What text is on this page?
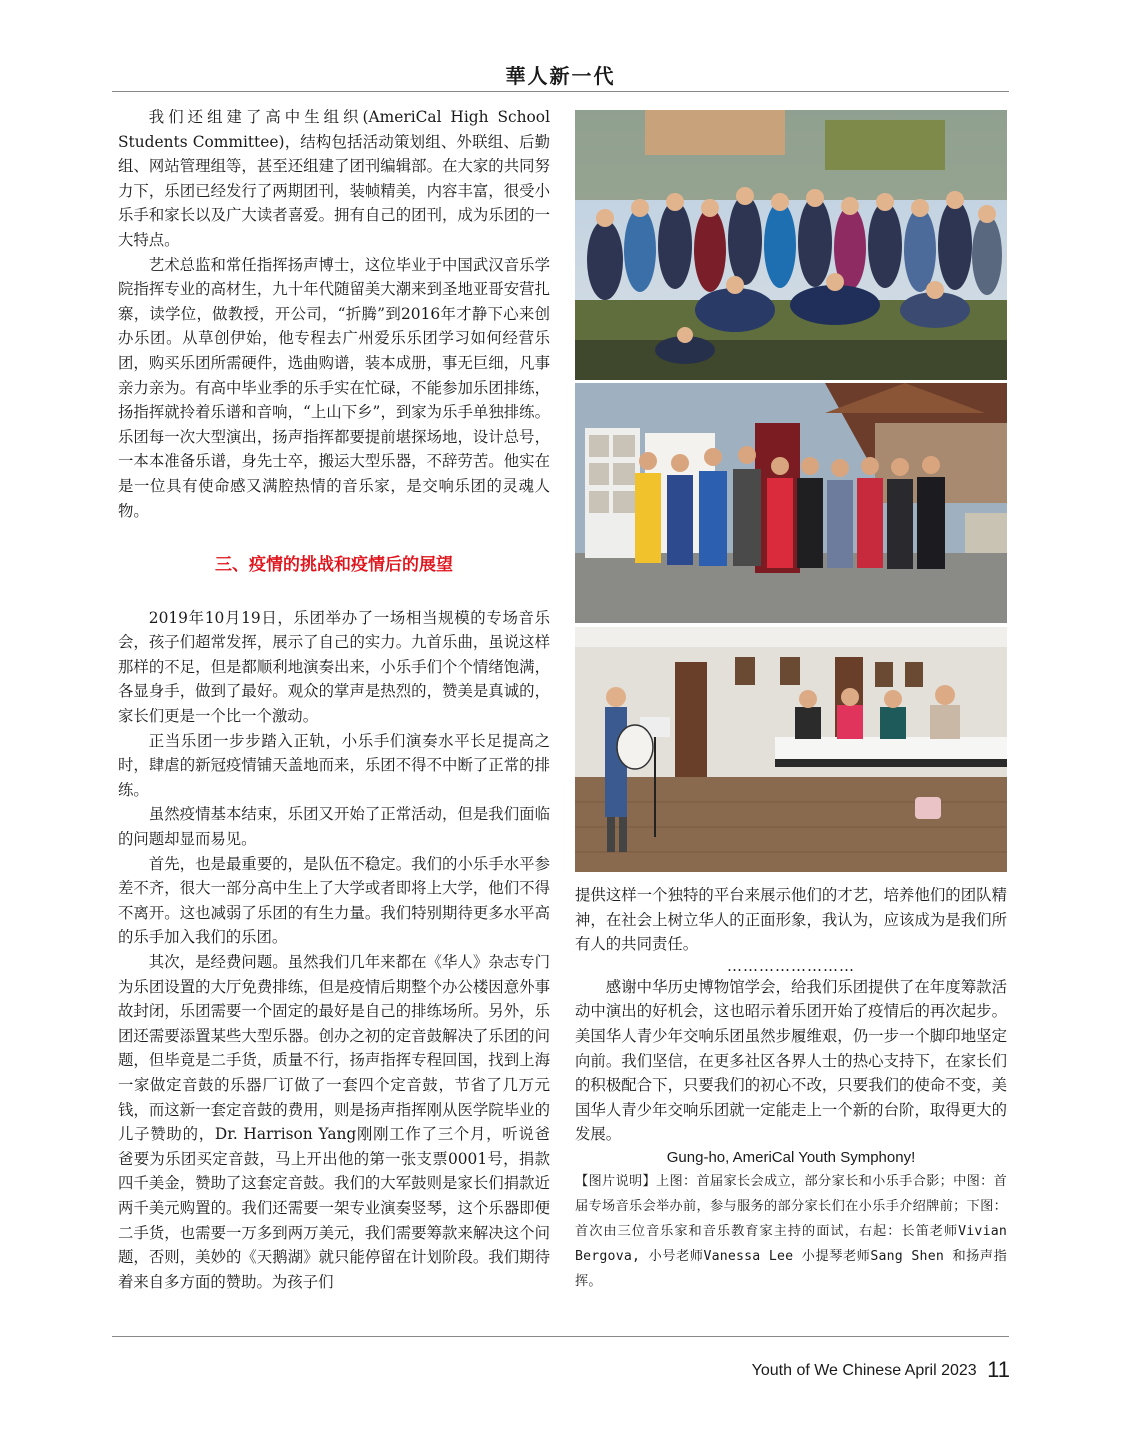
華人新一代

我们还组建了高中生组织(AmeriCal High School Students Committee)，结构包括活动策划组、外联组、后勤组、网站管理组等，甚至还组建了团刊编辑部。在大家的共同努力下，乐团已经发行了两期团刊，装帧精美，内容丰富，很受小乐手和家长以及广大读者喜爱。拥有自己的团刊，成为乐团的一大特点。

艺术总监和常任指挥扬声博士，这位毕业于中国武汉音乐学院指挥专业的高材生，九十年代随留美大潮来到圣地亚哥安营扎寨，读学位，做教授，开公司，“折腾”到2016年才静下心来创办乐团。从草创伊始，他专程去广州爱乐乐团学习如何经营乐团，购买乐团所需硬件，选曲购谱，装本成册，事无巨细，凡事亲力亲为。有高中毕业季的乐手实在忙碌，不能参加乐团排练，扬指挥就拎着乐谱和音响，“上山下乡”，到家为乐手单独排练。乐团每一次大型演出，扬声指挥都要提前堪探场地，设计总号，一本本准备乐谱，身先士卒，搬运大型乐器，不辞劳苦。他实在是一位具有使命感又满腔热情的音乐家，是交响乐团的灵魂人物。

三、疫情的挑战和疫情后的展望

2019年10月19日，乐团举办了一场相当规模的专场音乐会，孩子们超常发挥，展示了自己的实力。九首乐曲，虽说这样那样的不足，但是都顺利地演奏出来，小乐手们个个情绪饱满，各显身手，做到了最好。观众的掌声是热烈的，赞美是真诚的，家长们更是一个比一个激动。

正当乐团一步步踏入正轨，小乐手们演奏水平长足提高之时，肆虐的新冠疫情铺天盖地而来，乐团不得不中断了正常的排练。

虽然疫情基本结束，乐团又开始了正常活动，但是我们面临的问题却显而易见。

首先，也是最重要的，是队伍不稳定。我们的小乐手水平参差不齐，很大一部分高中生上了大学或者即将上大学，他们不得不离开。这也减弱了乐团的有生力量。我们特别期待更多水平高的乐手加入我们的乐团。

其次，是经费问题。虽然我们几年来都在《华人》杂志专门为乐团设置的大厅免费排练，但是疫情后期整个办公楼因意外事故封闭，乐团需要一个固定的最好是自己的排练场所。另外，乐团还需要添置某些大型乐器。创办之初的定音鼓解决了乐团的问题，但毕竟是二手货，质量不行，扬声指挥专程回国，找到上海一家做定音鼓的乐器厂订做了一套四个定音鼓，节省了几万元钱，而这新一套定音鼓的费用，则是扬声指挥刚从医学院毕业的儿子赞助的，Dr. Harrison Yang刚刚工作了三个月，听说爸爸要为乐团买定音鼓，马上开出他的第一张支票0001号，捐款四千美金，赞助了这套定音鼓。我们的大军鼓则是家长们捐款近两千美元购置的。我们还需要一架专业演奏竖琴，这个乐器即便二手货，也需要一万多到两万美元，我们需要筹款来解决这个问题，否则，美妙的《天鹅湖》就只能停留在计划阶段。我们期待着来自多方面的赞助。为孩子们

提供这样一个独特的平台来展示他们的才艺，培养他们的团队精神，在社会上树立华人的正面形象，我认为，应该成为是我们所有人的共同责任。

……………………

感谢中华历史博物馆学会，给我们乐团提供了在年度筹款活动中演出的好机会，这也昭示着乐团开始了疫情后的再次起步。美国华人青少年交响乐团虽然步履维艰，仍一步一个脚印地坚定向前。我们坚信，在更多社区各界人士的热心支持下，在家长们的积极配合下，只要我们的初心不改，只要我们的使命不变，美国华人青少年交响乐团就一定能走上一个新的台阶，取得更大的发展。

Gung-ho, AmeriCal Youth Symphony!

【图片说明】上图：首届家长会成立，部分家长和小乐手合影；中图：首届专场音乐会举办前，参与服务的部分家长们在小乐手介绍牌前；下图：首次由三位音乐家和音乐教育家主持的面试，右起：长笛老师Vivian Bergova, 小号老师Vanessa Lee 小提琴老师Sang Shen 和扬声指挥。

Youth of We Chinese April 2023 11
